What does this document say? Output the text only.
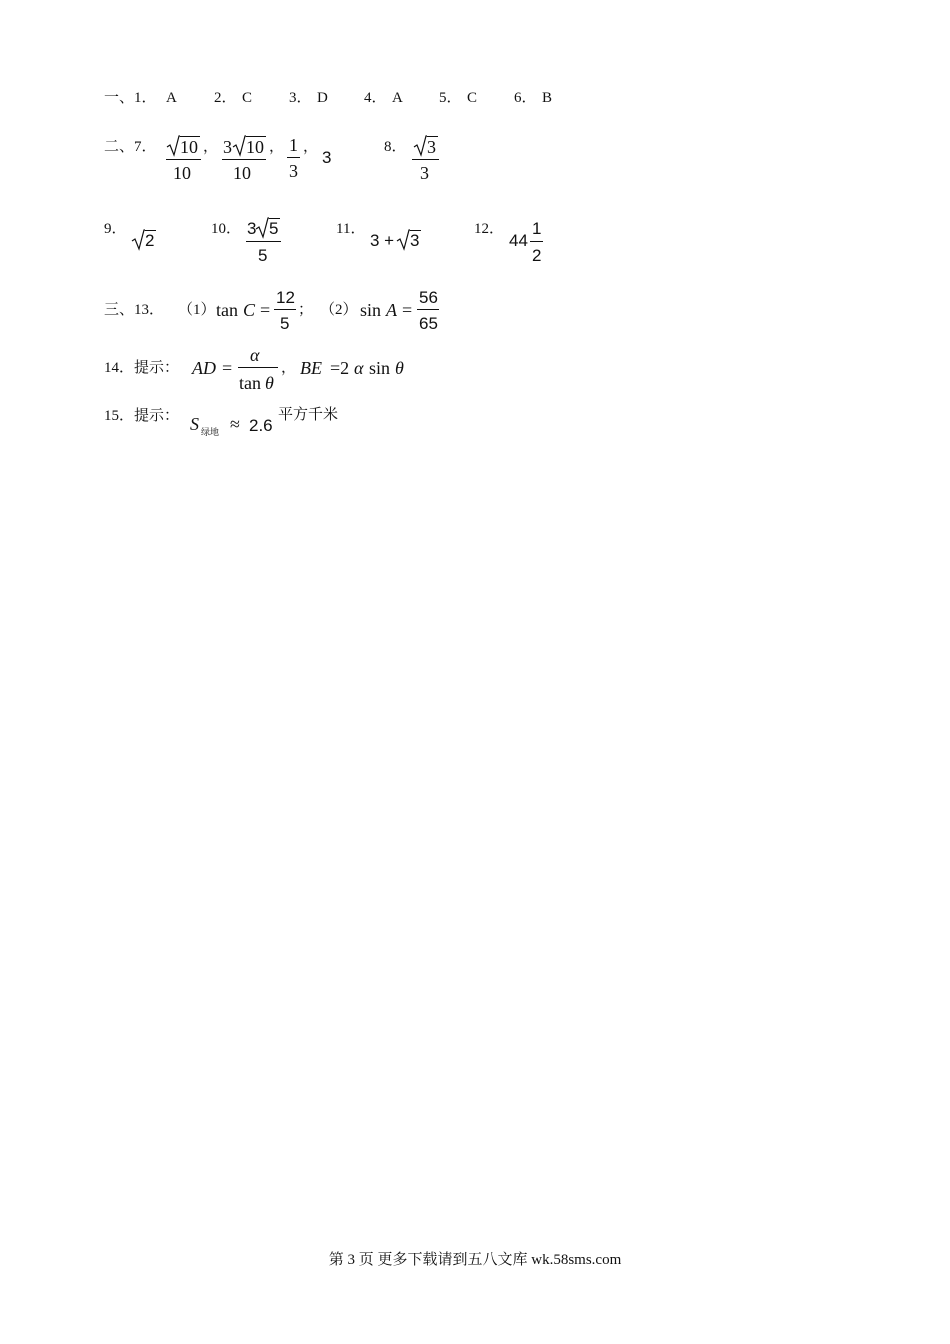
一、1． A 2． C 3． D 4． A 5． C 6． B
二、7． 10
10
， 3 10
10
， 1
3
，
3
8． 3
3
9．
2
10． 3 5
5
11．
3 + 3
12．
44
1
2
三、13． （1） tan C =
12
5
； （2） sin A =
56
65
14．提示： AD =
α
tan θ
， BE =2 α sin θ
15．提示： S 绿地 ≈ 2.6
平方千米
第 3 页 更多下载请到五八文库 wk.58sms.com
